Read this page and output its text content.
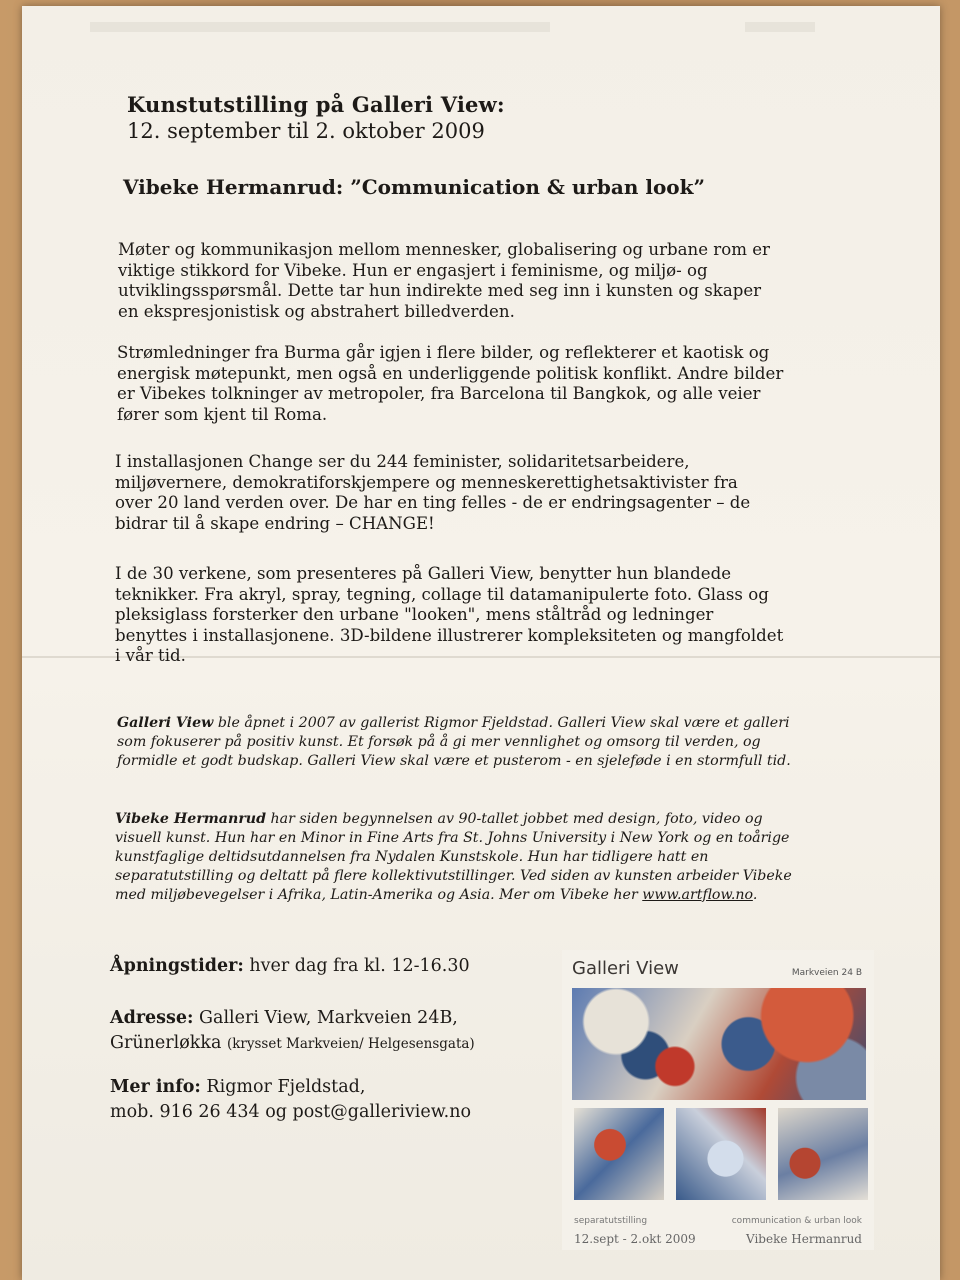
Kunstutstilling på Galleri View:
12. september til 2. oktober 2009
Vibeke Hermanrud: ”Communication & urban look”
Møter og kommunikasjon mellom mennesker, globalisering og urbane rom er
viktige stikkord for Vibeke. Hun er engasjert i feminisme, og miljø- og
utviklingsspørsmål. Dette tar hun indirekte med seg inn i kunsten og skaper
en ekspresjonistisk og abstrahert billedverden.
Strømledninger fra Burma går igjen i flere bilder, og reflekterer et kaotisk og
energisk møtepunkt, men også en underliggende politisk konflikt. Andre bilder
er Vibekes tolkninger av metropoler, fra Barcelona til Bangkok, og alle veier
fører som kjent til Roma.
I installasjonen Change ser du 244 feminister, solidaritetsarbeidere,
miljøvernere, demokratiforskjempere og menneskerettighetsaktivister fra
over 20 land verden over. De har en ting felles - de er endringsagenter – de
bidrar til å skape endring – CHANGE!
I de 30 verkene, som presenteres på Galleri View, benytter hun blandede
teknikker. Fra akryl, spray, tegning, collage til datamanipulerte foto. Glass og
pleksiglass forsterker den urbane "looken", mens ståltråd og ledninger
benyttes i installasjonene. 3D-bildene illustrerer kompleksiteten og mangfoldet
i vår tid.
Galleri View ble åpnet i 2007 av gallerist Rigmor Fjeldstad. Galleri View skal være et galleri
som fokuserer på positiv kunst. Et forsøk på å gi mer vennlighet og omsorg til verden, og
formidle et godt budskap. Galleri View skal være et pusterom - en sjeleføde i en stormfull tid.
Vibeke Hermanrud har siden begynnelsen av 90-tallet jobbet med design, foto, video og
visuell kunst. Hun har en Minor in Fine Arts fra St. Johns University i New York og en toårige
kunstfaglige deltidsutdannelsen fra Nydalen Kunstskole. Hun har tidligere hatt en
separatutstilling og deltatt på flere kollektivutstillinger. Ved siden av kunsten arbeider Vibeke
med miljøbevegelser i Afrika, Latin-Amerika og Asia. Mer om Vibeke her www.artflow.no.
Åpningstider: hver dag fra kl. 12-16.30
Adresse: Galleri View, Markveien 24B,
Grünerløkka (krysset Markveien/ Helgesensgata)
Mer info: Rigmor Fjeldstad,
mob. 916 26 434 og post@galleriview.no
Galleri View	Markveien 24 B
separatutstilling	communication & urban look
12.sept - 2.okt 2009	Vibeke Hermanrud
